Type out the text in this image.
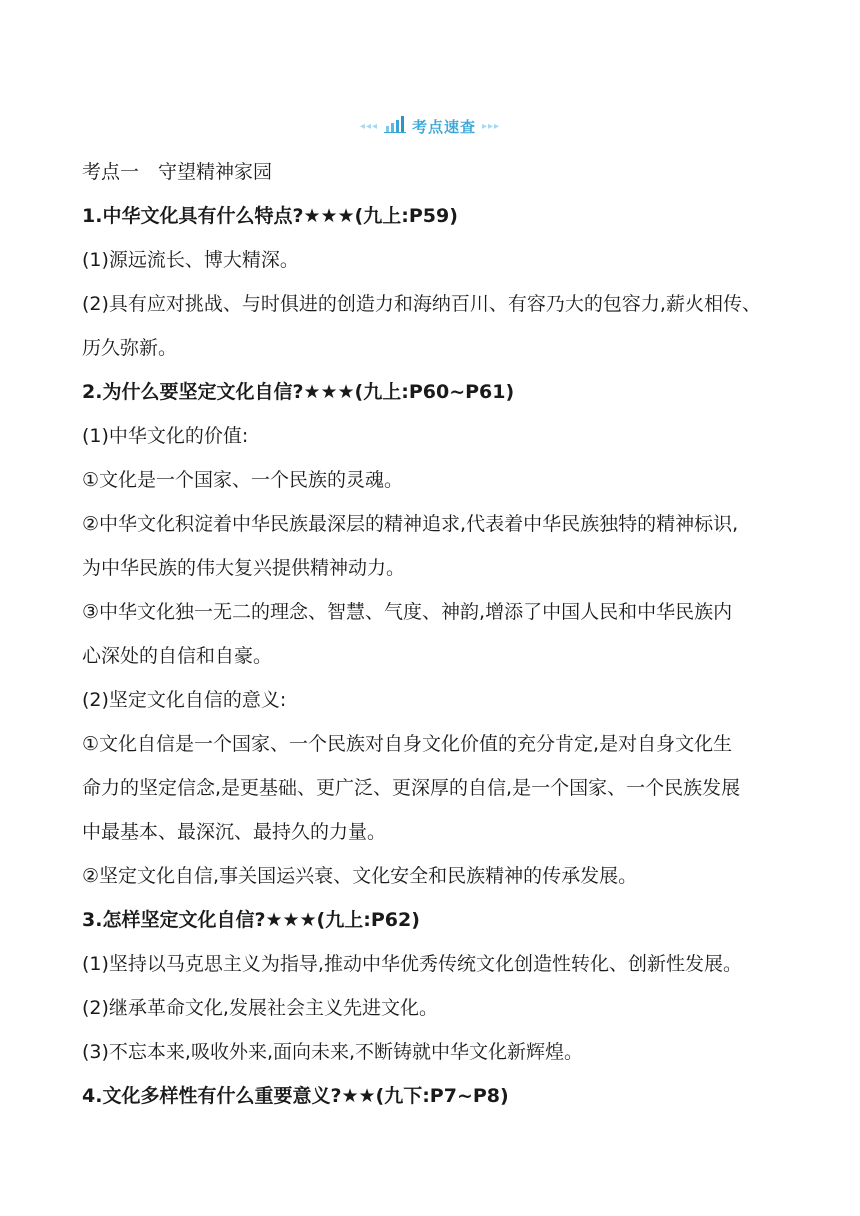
◂◂◂ 考点速查 ▸▸▸
考点一　守望精神家园
1.中华文化具有什么特点?★★★(九上:P59)
(1)源远流长、博大精深。
(2)具有应对挑战、与时俱进的创造力和海纳百川、有容乃大的包容力,薪火相传、
历久弥新。
2.为什么要坚定文化自信?★★★(九上:P60~P61)
(1)中华文化的价值:
①文化是一个国家、一个民族的灵魂。
②中华文化积淀着中华民族最深层的精神追求,代表着中华民族独特的精神标识,
为中华民族的伟大复兴提供精神动力。
③中华文化独一无二的理念、智慧、气度、神韵,增添了中国人民和中华民族内
心深处的自信和自豪。
(2)坚定文化自信的意义:
①文化自信是一个国家、一个民族对自身文化价值的充分肯定,是对自身文化生
命力的坚定信念,是更基础、更广泛、更深厚的自信,是一个国家、一个民族发展
中最基本、最深沉、最持久的力量。
②坚定文化自信,事关国运兴衰、文化安全和民族精神的传承发展。
3.怎样坚定文化自信?★★★(九上:P62)
(1)坚持以马克思主义为指导,推动中华优秀传统文化创造性转化、创新性发展。
(2)继承革命文化,发展社会主义先进文化。
(3)不忘本来,吸收外来,面向未来,不断铸就中华文化新辉煌。
4.文化多样性有什么重要意义?★★(九下:P7~P8)
